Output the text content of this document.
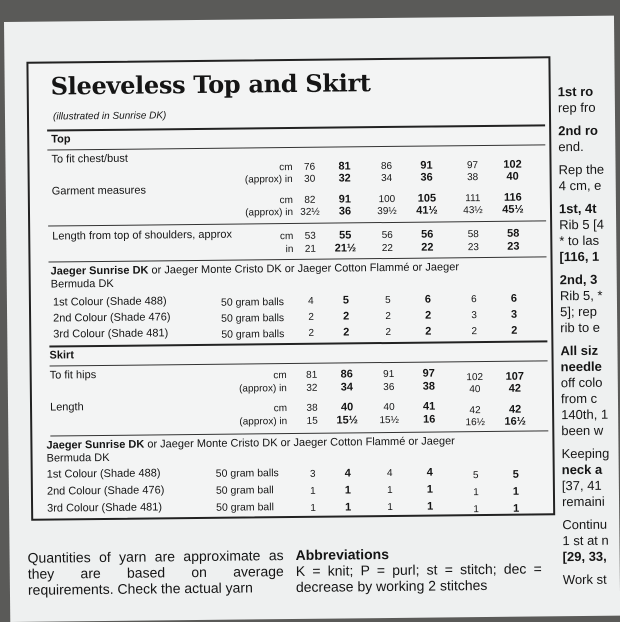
Sleeveless Top and Skirt
(illustrated in Sunrise DK)
Top
To fit chest/bust
Garment measures
cm	76	81	86	91	97	102
(approx) in	30	32	34	36	38	40
cm	82	91	100	105	111	116
(approx) in 32½	36	39½	41½	43½	45½
Length from top of shoulders, approx	cm	53	55	56	56	58	58
in	21	21½	22	22	23	23
Jaeger Sunrise DK or Jaeger Monte Cristo DK or Jaeger Cotton Flammé or Jaeger Bermuda DK
1st Colour (Shade 488)	50 gram balls	4	5	5	6	6	6
2nd Colour (Shade 476)	50 gram balls	2	2	2	2	3	3
3rd Colour (Shade 481)	50 gram balls	2	2	2	2	2	2
Skirt
To fit hips
Length
cm	81	86	91	97	102	107
(approx) in	32	34	36	38	40	42
cm	38	40	40	41	42	42
(approx) in	15	15½	15½	16	16½	16½
Jaeger Sunrise DK or Jaeger Monte Cristo DK or Jaeger Cotton Flammé or Jaeger Bermuda DK
1st Colour (Shade 488)	50 gram balls	3	4	4	4	5	5
2nd Colour (Shade 476)	50 gram ball	1	1	1	1	1	1
3rd Colour (Shade 481)	50 gram ball	1	1	1	1	1	1
1st ro
rep fro
2nd ro
end.
Rep the
4 cm, e
1st, 4t
Rib 5 [4
* to las
[116, 1
2nd, 3
Rib 5, *
5]; rep
rib to e
All siz
needle
off colo
from c
140th, 1
been w
Keeping
neck a
[37, 41
remaini
Continu
1 st at n
[29, 33,
Work st
Quantities of yarn are approximate as they are based on average requirements. Check the actual yarn
Abbreviations
K = knit; P = purl; st = stitch; dec = decrease by working 2 stitches
